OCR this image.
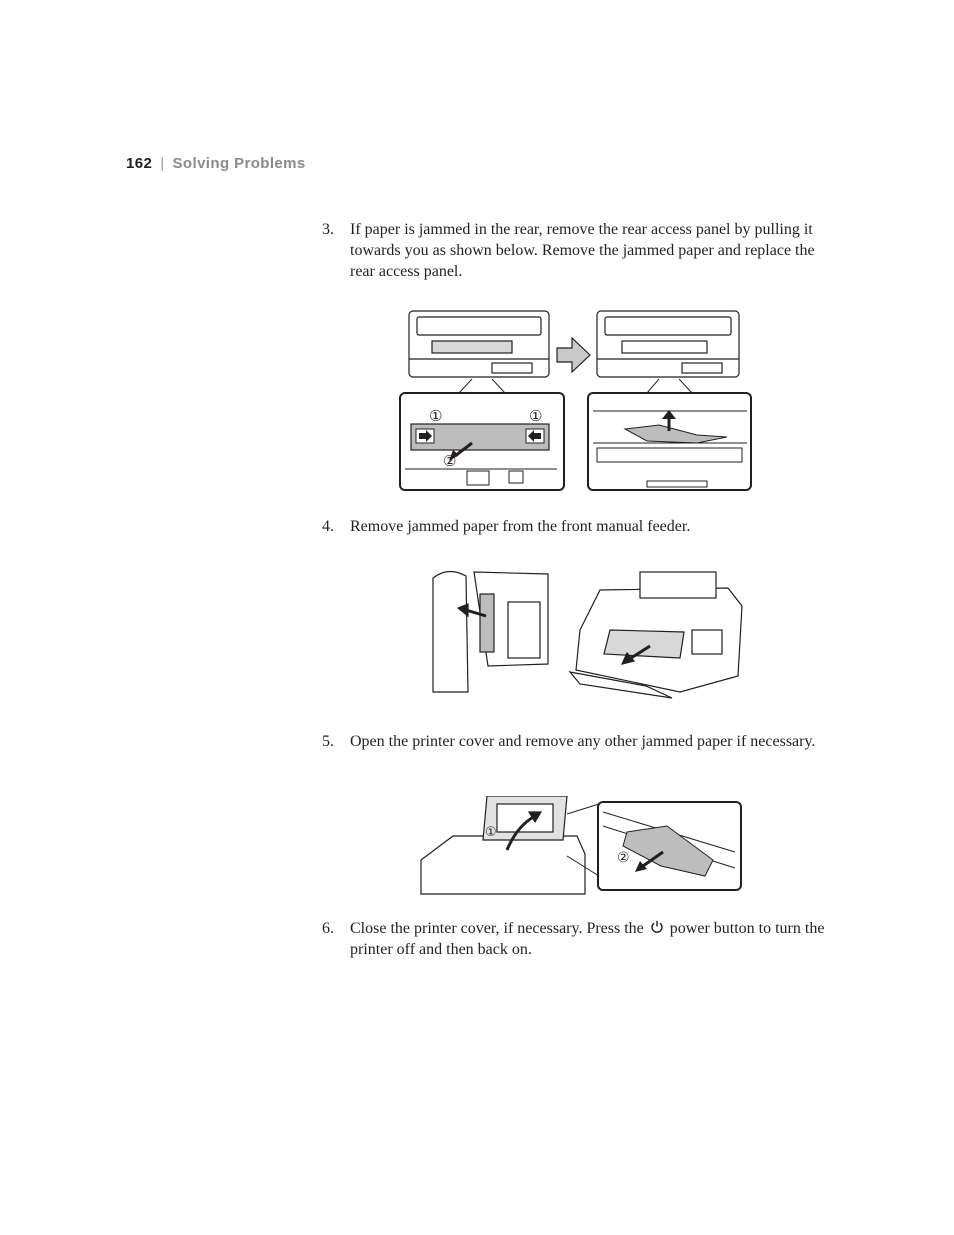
162 | Solving Problems
3. If paper is jammed in the rear, remove the rear access panel by pulling it towards you as shown below. Remove the jammed paper and replace the rear access panel.
①	①
②
4. Remove jammed paper from the front manual feeder.
5. Open the printer cover and remove any other jammed paper if necessary.
①
②
6. Close the printer cover, if necessary. Press the power button to turn the printer off and then back on.
